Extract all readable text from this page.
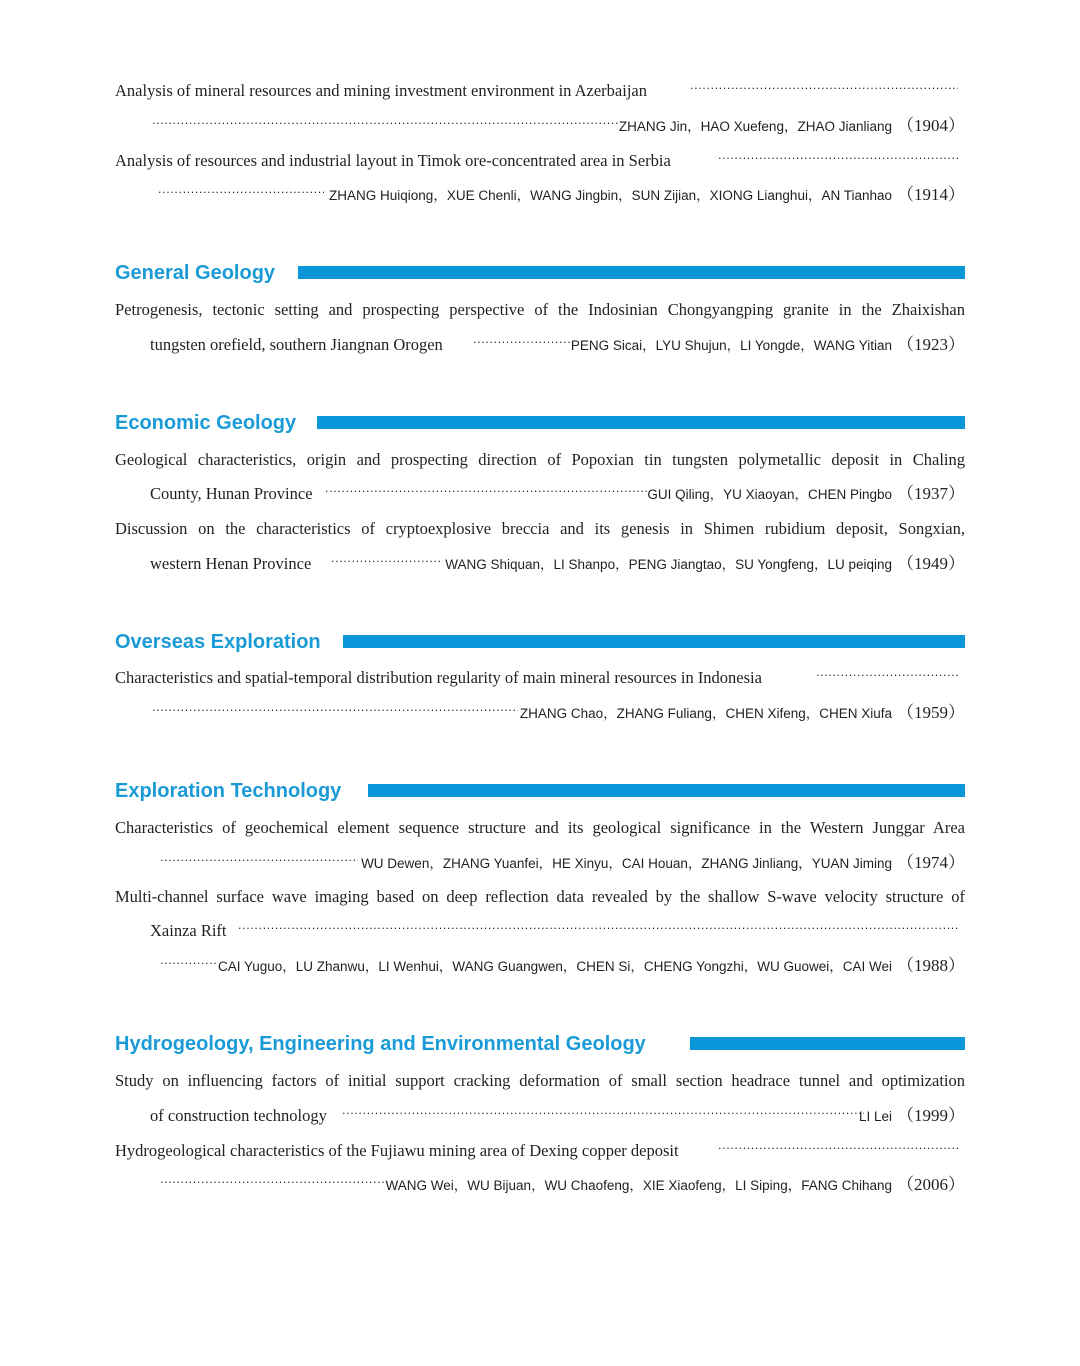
Analysis of mineral resources and mining investment environment in Azerbaijan
·····
·····
ZHANG Jin，HAO Xuefeng，ZHAO Jianliang （1904）
Analysis of resources and industrial layout in Timok ore-concentrated area in Serbia
·····
·····
ZHANG Huiqiong，XUE Chenli，WANG Jingbin，SUN Zijian，XIONG Lianghui，AN Tianhao （1914）
General Geology
Petrogenesis, tectonic setting and prospecting perspective of the Indosinian Chongyangping granite in the Zhaixishan
tungsten orefield, southern Jiangnan Orogen ·····	PENG Sicai，LYU Shujun，LI Yongde，WANG Yitian （1923）
Economic Geology
Geological characteristics, origin and prospecting direction of Popoxian tin tungsten polymetallic deposit in Chaling
County, Hunan Province ·····	GUI Qiling，YU Xiaoyan，CHEN Pingbo （1937）
Discussion on the characteristics of cryptoexplosive breccia and its genesis in Shimen rubidium deposit, Songxian,
western Henan Province ·····	WANG Shiquan，LI Shanpo，PENG Jiangtao，SU Yongfeng，LU peiqing （1949）
Overseas Exploration
Characteristics and spatial-temporal distribution regularity of main mineral resources in Indonesia
·····
·····
ZHANG Chao，ZHANG Fuliang，CHEN Xifeng，CHEN Xiufa （1959）
Exploration Technology
Characteristics of geochemical element sequence structure and its geological significance in the Western Junggar Area
·····
WU Dewen，ZHANG Yuanfei，HE Xinyu，CAI Houan，ZHANG Jinliang，YUAN Jiming （1974）
Multi-channel surface wave imaging based on deep reflection data revealed by the shallow S-wave velocity structure of
Xainza Rift
·····
·····
CAI Yuguo，LU Zhanwu，LI Wenhui，WANG Guangwen，CHEN Si，CHENG Yongzhi，WU Guowei，CAI Wei （1988）
Hydrogeology, Engineering and Environmental Geology
Study on influencing factors of initial support cracking deformation of small section headrace tunnel and optimization
of construction technology ·····	LI Lei （1999）
Hydrogeological characteristics of the Fujiawu mining area of Dexing copper deposit
·····
·····
WANG Wei，WU Bijuan，WU Chaofeng，XIE Xiaofeng，LI Siping，FANG Chihang （2006）
